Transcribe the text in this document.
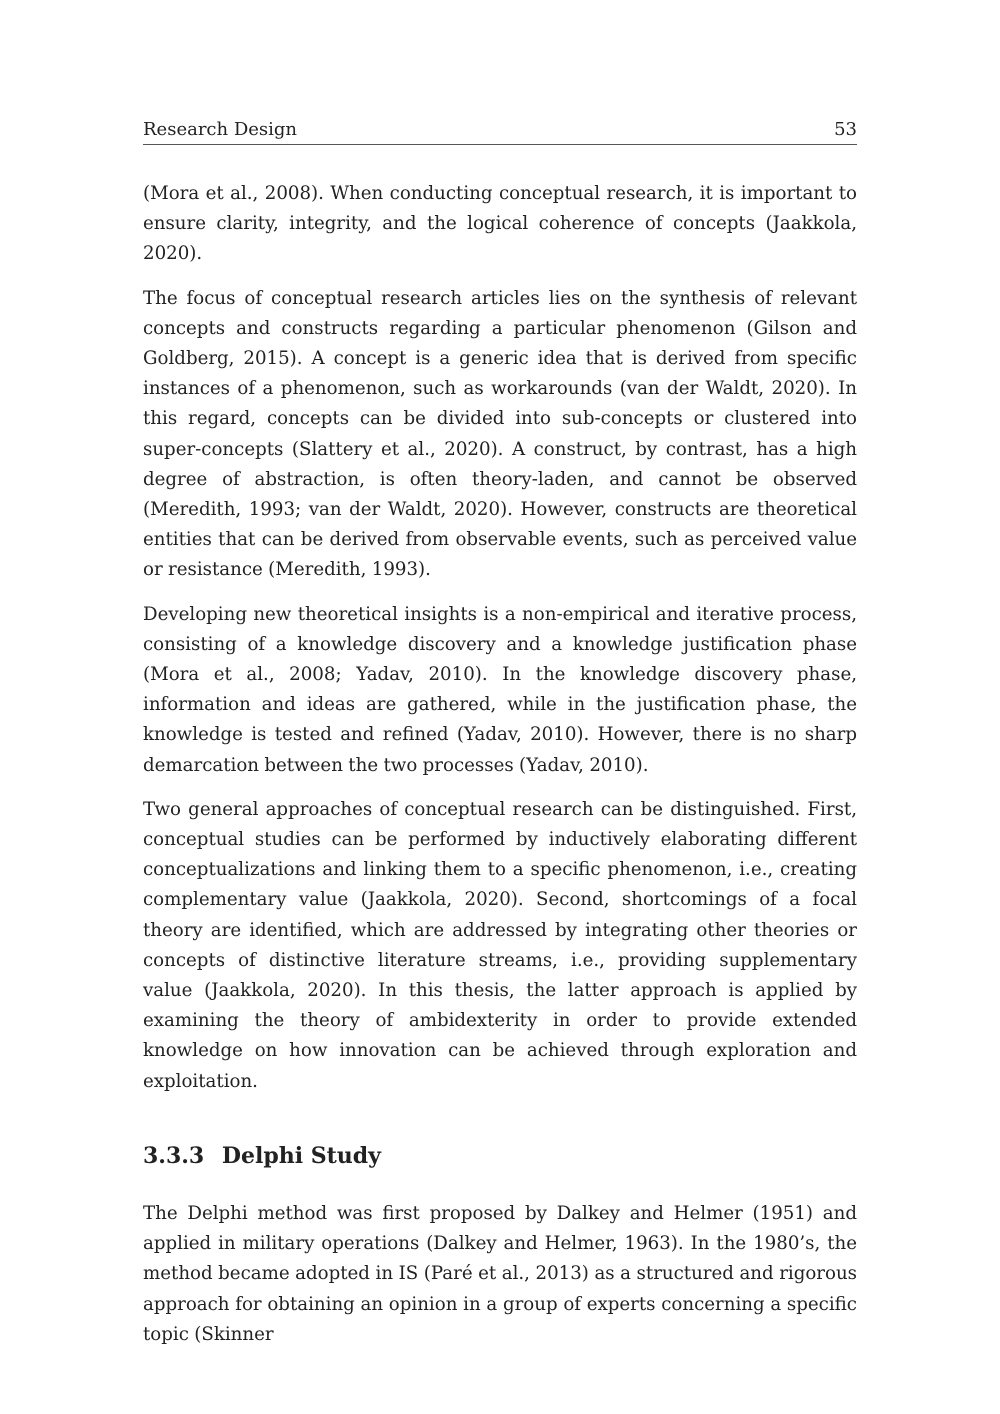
Research Design	53

(Mora et al., 2008). When conducting conceptual research, it is important to ensure clarity, integrity, and the logical coherence of concepts (Jaakkola, 2020).

The focus of conceptual research articles lies on the synthesis of relevant concepts and constructs regarding a particular phenomenon (Gilson and Goldberg, 2015). A concept is a generic idea that is derived from specific instances of a phenomenon, such as workarounds (van der Waldt, 2020). In this regard, concepts can be divided into sub-concepts or clustered into super-concepts (Slattery et al., 2020). A construct, by contrast, has a high degree of abstraction, is often theory-laden, and cannot be observed (Meredith, 1993; van der Waldt, 2020). However, constructs are theoretical entities that can be derived from observable events, such as perceived value or resistance (Meredith, 1993).

Developing new theoretical insights is a non-empirical and iterative process, consisting of a knowledge discovery and a knowledge justification phase (Mora et al., 2008; Yadav, 2010). In the knowledge discovery phase, information and ideas are gathered, while in the justification phase, the knowledge is tested and refined (Yadav, 2010). However, there is no sharp demarcation between the two processes (Yadav, 2010).

Two general approaches of conceptual research can be distinguished. First, conceptual studies can be performed by inductively elaborating different conceptualizations and linking them to a specific phenomenon, i.e., creating complementary value (Jaakkola, 2020). Second, shortcomings of a focal theory are identified, which are addressed by integrating other theories or concepts of distinctive literature streams, i.e., providing supplementary value (Jaakkola, 2020). In this thesis, the latter approach is applied by examining the theory of ambidexterity in order to provide extended knowledge on how innovation can be achieved through exploration and exploitation.

3.3.3 Delphi Study

The Delphi method was first proposed by Dalkey and Helmer (1951) and applied in military operations (Dalkey and Helmer, 1963). In the 1980’s, the method became adopted in IS (Paré et al., 2013) as a structured and rigorous approach for obtaining an opinion in a group of experts concerning a specific topic (Skinner
